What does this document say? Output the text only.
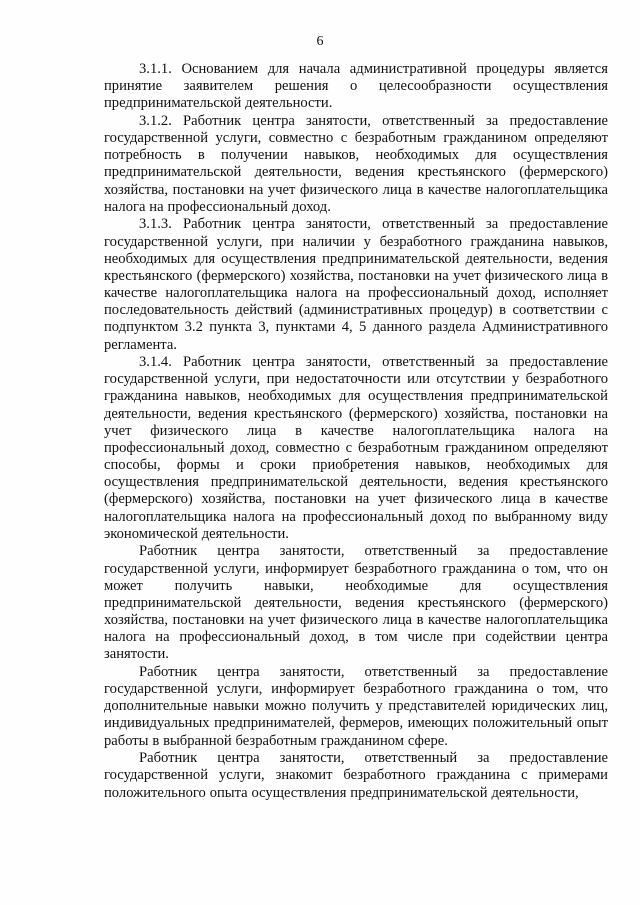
6

3.1.1. Основанием для начала административной процедуры является принятие заявителем решения о целесообразности осуществления предпринимательской деятельности.

3.1.2. Работник центра занятости, ответственный за предоставление государственной услуги, совместно с безработным гражданином определяют потребность в получении навыков, необходимых для осуществления предпринимательской деятельности, ведения крестьянского (фермерского) хозяйства, постановки на учет физического лица в качестве налогоплательщика налога на профессиональный доход.

3.1.3. Работник центра занятости, ответственный за предоставление государственной услуги, при наличии у безработного гражданина навыков, необходимых для осуществления предпринимательской деятельности, ведения крестьянского (фермерского) хозяйства, постановки на учет физического лица в качестве налогоплательщика налога на профессиональный доход, исполняет последовательность действий (административных процедур) в соответствии с подпунктом 3.2 пункта 3, пунктами 4, 5 данного раздела Административного регламента.

3.1.4. Работник центра занятости, ответственный за предоставление государственной услуги, при недостаточности или отсутствии у безработного гражданина навыков, необходимых для осуществления предпринимательской деятельности, ведения крестьянского (фермерского) хозяйства, постановки на учет физического лица в качестве налогоплательщика налога на профессиональный доход, совместно с безработным гражданином определяют способы, формы и сроки приобретения навыков, необходимых для осуществления предпринимательской деятельности, ведения крестьянского (фермерского) хозяйства, постановки на учет физического лица в качестве налогоплательщика налога на профессиональный доход по выбранному виду экономической деятельности.

Работник центра занятости, ответственный за предоставление государственной услуги, информирует безработного гражданина о том, что он может получить навыки, необходимые для осуществления предпринимательской деятельности, ведения крестьянского (фермерского) хозяйства, постановки на учет физического лица в качестве налогоплательщика налога на профессиональный доход, в том числе при содействии центра занятости.

Работник центра занятости, ответственный за предоставление государственной услуги, информирует безработного гражданина о том, что дополнительные навыки можно получить у представителей юридических лиц, индивидуальных предпринимателей, фермеров, имеющих положительный опыт работы в выбранной безработным гражданином сфере.

Работник центра занятости, ответственный за предоставление государственной услуги, знакомит безработного гражданина с примерами положительного опыта осуществления предпринимательской деятельности,
